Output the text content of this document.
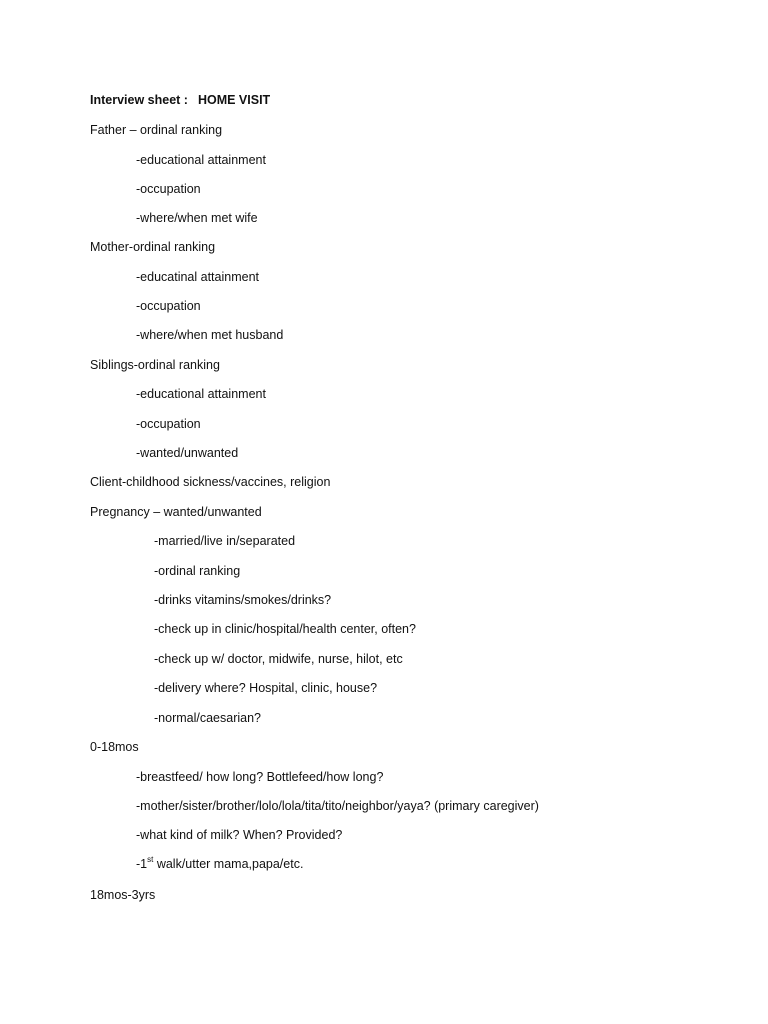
Interview sheet : HOME VISIT
Father – ordinal ranking
-educational attainment
-occupation
-where/when met wife
Mother-ordinal ranking
-educatinal attainment
-occupation
-where/when met husband
Siblings-ordinal ranking
-educational attainment
-occupation
-wanted/unwanted
Client-childhood sickness/vaccines, religion
Pregnancy – wanted/unwanted
-married/live in/separated
-ordinal ranking
-drinks vitamins/smokes/drinks?
-check up in clinic/hospital/health center, often?
-check up w/ doctor, midwife, nurse, hilot, etc
-delivery where? Hospital, clinic, house?
-normal/caesarian?
0-18mos
-breastfeed/ how long? Bottlefeed/how long?
-mother/sister/brother/lolo/lola/tita/tito/neighbor/yaya? (primary caregiver)
-what kind of milk? When? Provided?
-1st walk/utter mama,papa/etc.
18mos-3yrs
